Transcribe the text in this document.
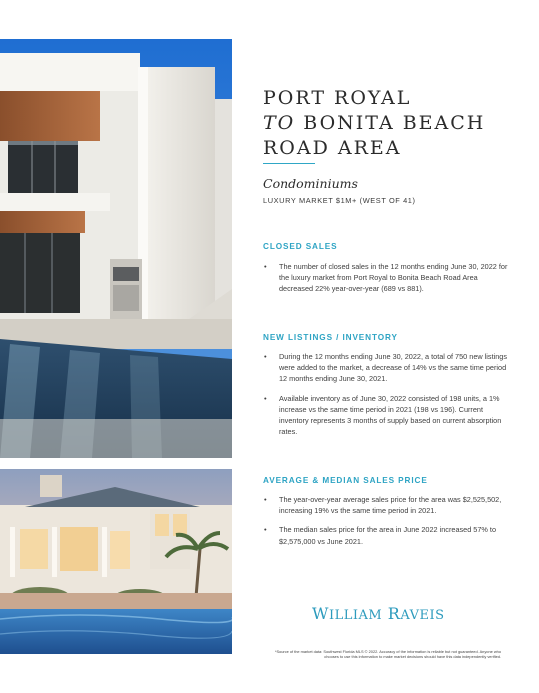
PORT ROYAL
TO BONITA BEACH
ROAD AREA

Condominiums

LUXURY MARKET $1M+ (WEST OF 41)

CLOSED SALES

• The number of closed sales in the 12 months ending June 30, 2022 for the luxury market from Port Royal to Bonita Beach Road Area decreased 22% year-over-year (689 vs 881).

NEW LISTINGS / INVENTORY

• During the 12 months ending June 30, 2022, a total of 750 new listings were added to the market, a decrease of 14% vs the same time period 12 months ending June 30, 2021.
• Available inventory as of June 30, 2022 consisted of 198 units, a 1% increase vs the same time period in 2021 (198 vs 196). Current inventory represents 3 months of supply based on current absorption rates.

AVERAGE & MEDIAN SALES PRICE

• The year-over-year average sales price for the area was $2,525,502, increasing 19% vs the same time period in 2021.
• The median sales price for the area in June 2022 increased 57% to $2,575,000 vs June 2021.

WILLIAM RAVEIS

*Source of the market data: Southwest Florida MLS © 2022. Accuracy of the information is reliable but not guaranteed. Anyone who chooses to use this information to make market decisions should have this data independently verified.
